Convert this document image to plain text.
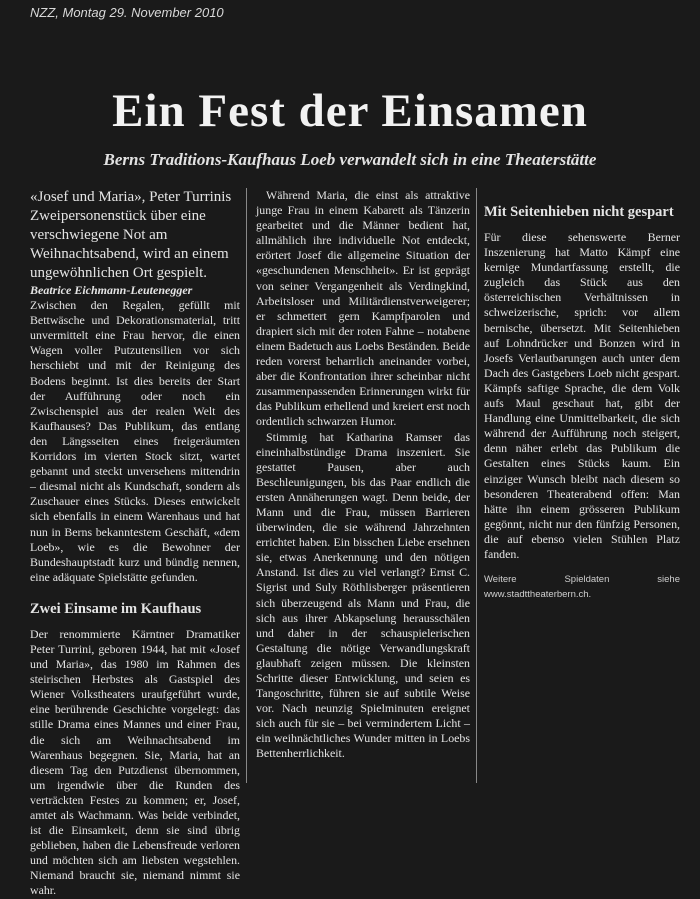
NZZ, Montag 29. November 2010
Ein Fest der Einsamen
Berns Traditions-Kaufhaus Loeb verwandelt sich in eine Theaterstätte

«Josef und Maria», Peter Turrinis Zweipersonenstück über eine verschwiegene Not am Weihnachtsabend, wird an einem ungewöhnlichen Ort gespielt.

Beatrice Eichmann-Leutenegger

Zwischen den Regalen, gefüllt mit Bettwäsche und Dekorationsmaterial, tritt unvermittelt eine Frau hervor, die einen Wagen voller Putzutensilien vor sich herschiebt und mit der Reinigung des Bodens beginnt. Ist dies bereits der Start der Aufführung oder noch ein Zwischenspiel aus der realen Welt des Kaufhauses? Das Publikum, das entlang den Längsseiten eines freigeräumten Korridors im vierten Stock sitzt, wartet gebannt und steckt unversehens mittendrin – diesmal nicht als Kundschaft, sondern als Zuschauer eines Stücks. Dieses entwickelt sich ebenfalls in einem Warenhaus und hat nun in Berns bekanntestem Geschäft, «dem Loeb», wie es die Bewohner der Bundeshauptstadt kurz und bündig nennen, eine adäquate Spielstätte gefunden.

Zwei Einsame im Kaufhaus

Der renommierte Kärntner Dramatiker Peter Turrini, geboren 1944, hat mit «Josef und Maria», das 1980 im Rahmen des steirischen Herbstes als Gastspiel des Wiener Volkstheaters uraufgeführt wurde, eine berührende Geschichte vorgelegt: das stille Drama eines Mannes und einer Frau, die sich am Weihnachtsabend im Warenhaus begegnen. Sie, Maria, hat an diesem Tag den Putzdienst übernommen, um irgendwie über die Runden des verträckten Festes zu kommen; er, Josef, amtet als Wachmann. Was beide verbindet, ist die Einsamkeit, denn sie sind übrig geblieben, haben die Lebensfreude verloren und möchten sich am liebsten wegstehlen. Niemand braucht sie, niemand nimmt sie wahr.

Während Maria, die einst als attraktive junge Frau in einem Kabarett als Tänzerin gearbeitet und die Männer bedient hat, allmählich ihre individuelle Not entdeckt, erörtert Josef die allgemeine Situation der «geschundenen Menschheit». Er ist geprägt von seiner Vergangenheit als Verdingkind, Arbeitsloser und Militärdienstverweigerer; er schmettert gern Kampfparolen und drapiert sich mit der roten Fahne – notabene einem Badetuch aus Loebs Beständen. Beide reden vorerst beharrlich aneinander vorbei, aber die Konfrontation ihrer scheinbar nicht zusammenpassenden Erinnerungen wirkt für das Publikum erhellend und kreiert erst noch ordentlich schwarzen Humor.

Stimmig hat Katharina Ramser das eineinhalbstündige Drama inszeniert. Sie gestattet Pausen, aber auch Beschleunigungen, bis das Paar endlich die ersten Annäherungen wagt. Denn beide, der Mann und die Frau, müssen Barrieren überwinden, die sie während Jahrzehnten errichtet haben. Ein bisschen Liebe ersehnen sie, etwas Anerkennung und den nötigen Anstand. Ist dies zu viel verlangt? Ernst C. Sigrist und Suly Röthlisberger präsentieren sich überzeugend als Mann und Frau, die sich aus ihrer Abkapselung herausschälen und daher in der schauspielerischen Gestaltung die nötige Verwandlungskraft glaubhaft zeigen müssen. Die kleinsten Schritte dieser Entwicklung, und seien es Tangoschritte, führen sie auf subtile Weise vor. Nach neunzig Spielminuten ereignet sich auch für sie – bei vermindertem Licht – ein weihnächtliches Wunder mitten in Loebs Bettenherrlichkeit.

Mit Seitenhieben nicht gespart

Für diese sehenswerte Berner Inszenierung hat Matto Kämpf eine kernige Mundartfassung erstellt, die zugleich das Stück aus den österreichischen Verhältnissen in schweizerische, sprich: vor allem bernische, übersetzt. Mit Seitenhieben auf Lohndrücker und Bonzen wird in Josefs Verlautbarungen auch unter dem Dach des Gastgebers Loeb nicht gespart. Kämpfs saftige Sprache, die dem Volk aufs Maul geschaut hat, gibt der Handlung eine Unmittelbarkeit, die sich während der Aufführung noch steigert, denn näher erlebt das Publikum die Gestalten eines Stücks kaum. Ein einziger Wunsch bleibt nach diesem so besonderen Theaterabend offen: Man hätte ihn einem grösseren Publikum gegönnt, nicht nur den fünfzig Personen, die auf ebenso vielen Stühlen Platz fanden.

Weitere Spieldaten siehe www.stadttheaterbern.ch.
